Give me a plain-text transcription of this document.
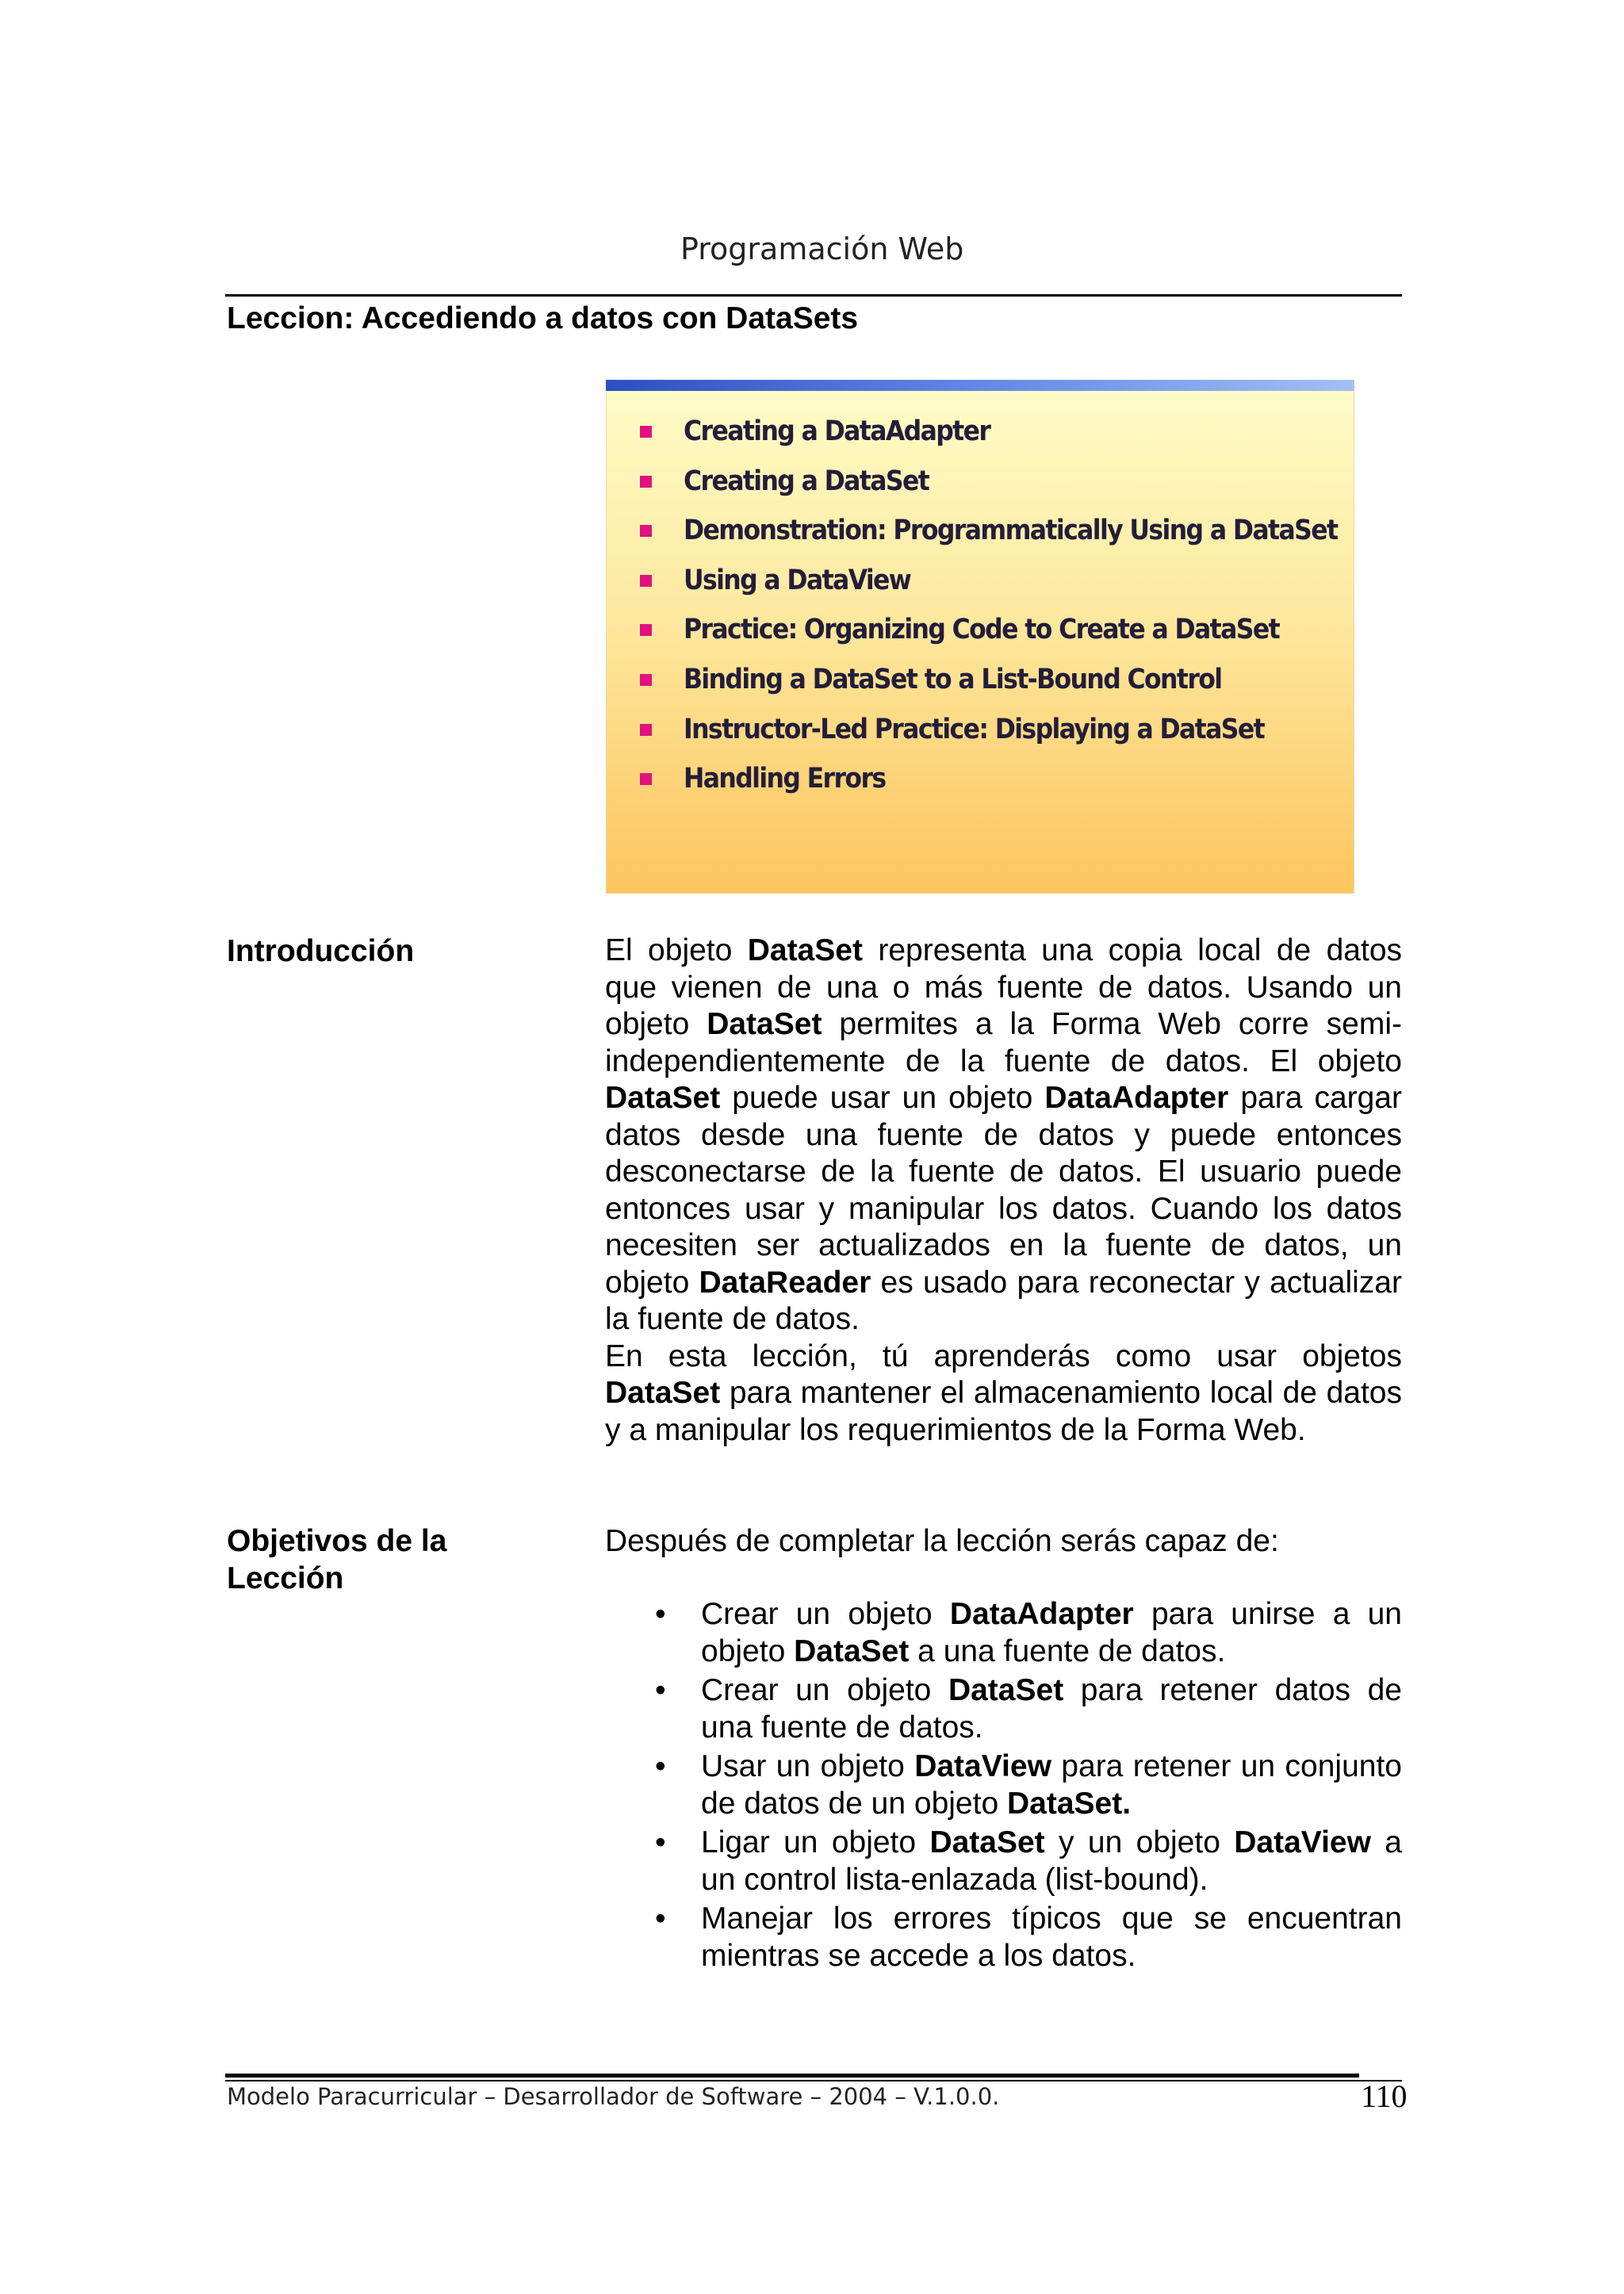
Programación Web
Leccion: Accediendo a datos con DataSets
Creating a DataAdapter
Creating a DataSet
Demonstration: Programmatically Using a DataSet
Using a DataView
Practice: Organizing Code to Create a DataSet
Binding a DataSet to a List-Bound Control
Instructor-Led Practice: Displaying a DataSet
Handling Errors
Introducción	El objeto DataSet representa una copia local de datos que vienen de una o más fuente de datos. Usando un objeto DataSet permites a la Forma Web corre semi-independientemente de la fuente de datos. El objeto DataSet puede usar un objeto DataAdapter para cargar datos desde una fuente de datos y puede entonces desconectarse de la fuente de datos. El usuario puede entonces usar y manipular los datos. Cuando los datos necesiten ser actualizados en la fuente de datos, un objeto DataReader es usado para reconectar y actualizar la fuente de datos.

En esta lección, tú aprenderás como usar objetos DataSet para mantener el almacenamiento local de datos y a manipular los requerimientos de la Forma Web.

Objetivos de la
Lección
Después de completar la lección serás capaz de:
• Crear un objeto DataAdapter para unirse a un objeto DataSet a una fuente de datos.
• Crear un objeto DataSet para retener datos de una fuente de datos.
• Usar un objeto DataView para retener un conjunto de datos de un objeto DataSet.
• Ligar un objeto DataSet y un objeto DataView a un control lista-enlazada (list-bound).
• Manejar los errores típicos que se encuentran mientras se accede a los datos.
Modelo Paracurricular – Desarrollador de Software – 2004 – V.1.0.0.	110
